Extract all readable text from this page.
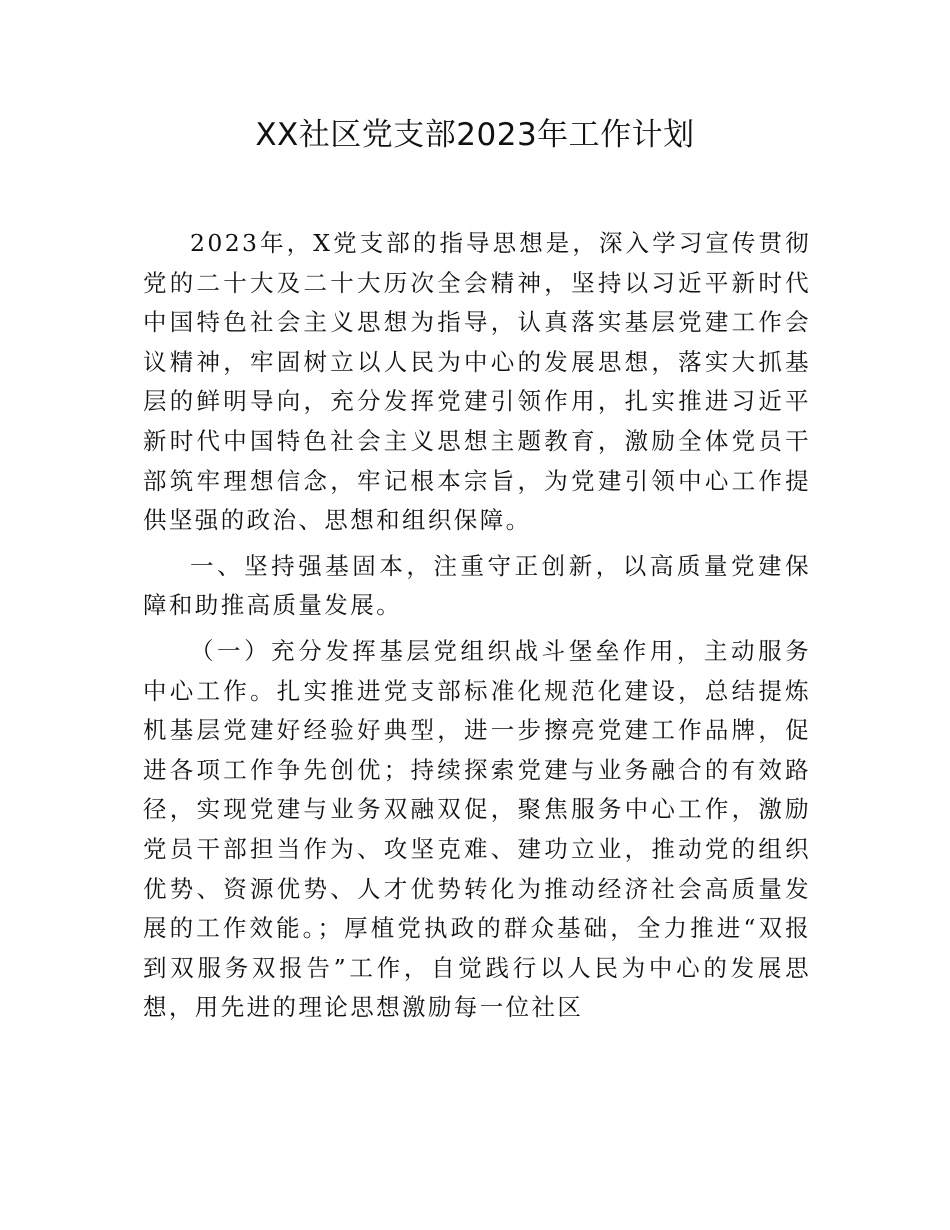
XX社区党支部2023年工作计划

2023年，X党支部的指导思想是，深入学习宣传贯彻党的二十大及二十大历次全会精神，坚持以习近平新时代中国特色社会主义思想为指导，认真落实基层党建工作会议精神，牢固树立以人民为中心的发展思想，落实大抓基层的鲜明导向，充分发挥党建引领作用，扎实推进习近平新时代中国特色社会主义思想主题教育，激励全体党员干部筑牢理想信念，牢记根本宗旨，为党建引领中心工作提供坚强的政治、思想和组织保障。

一、坚持强基固本，注重守正创新，以高质量党建保障和助推高质量发展。

（一）充分发挥基层党组织战斗堡垒作用，主动服务中心工作。扎实推进党支部标准化规范化建设，总结提炼机基层党建好经验好典型，进一步擦亮党建工作品牌，促进各项工作争先创优；持续探索党建与业务融合的有效路径，实现党建与业务双融双促，聚焦服务中心工作，激励党员干部担当作为、攻坚克难、建功立业，推动党的组织优势、资源优势、人才优势转化为推动经济社会高质量发展的工作效能。；厚植党执政的群众基础，全力推进“双报到双服务双报告”工作，自觉践行以人民为中心的发展思想，用先进的理论思想激励每一位社区
